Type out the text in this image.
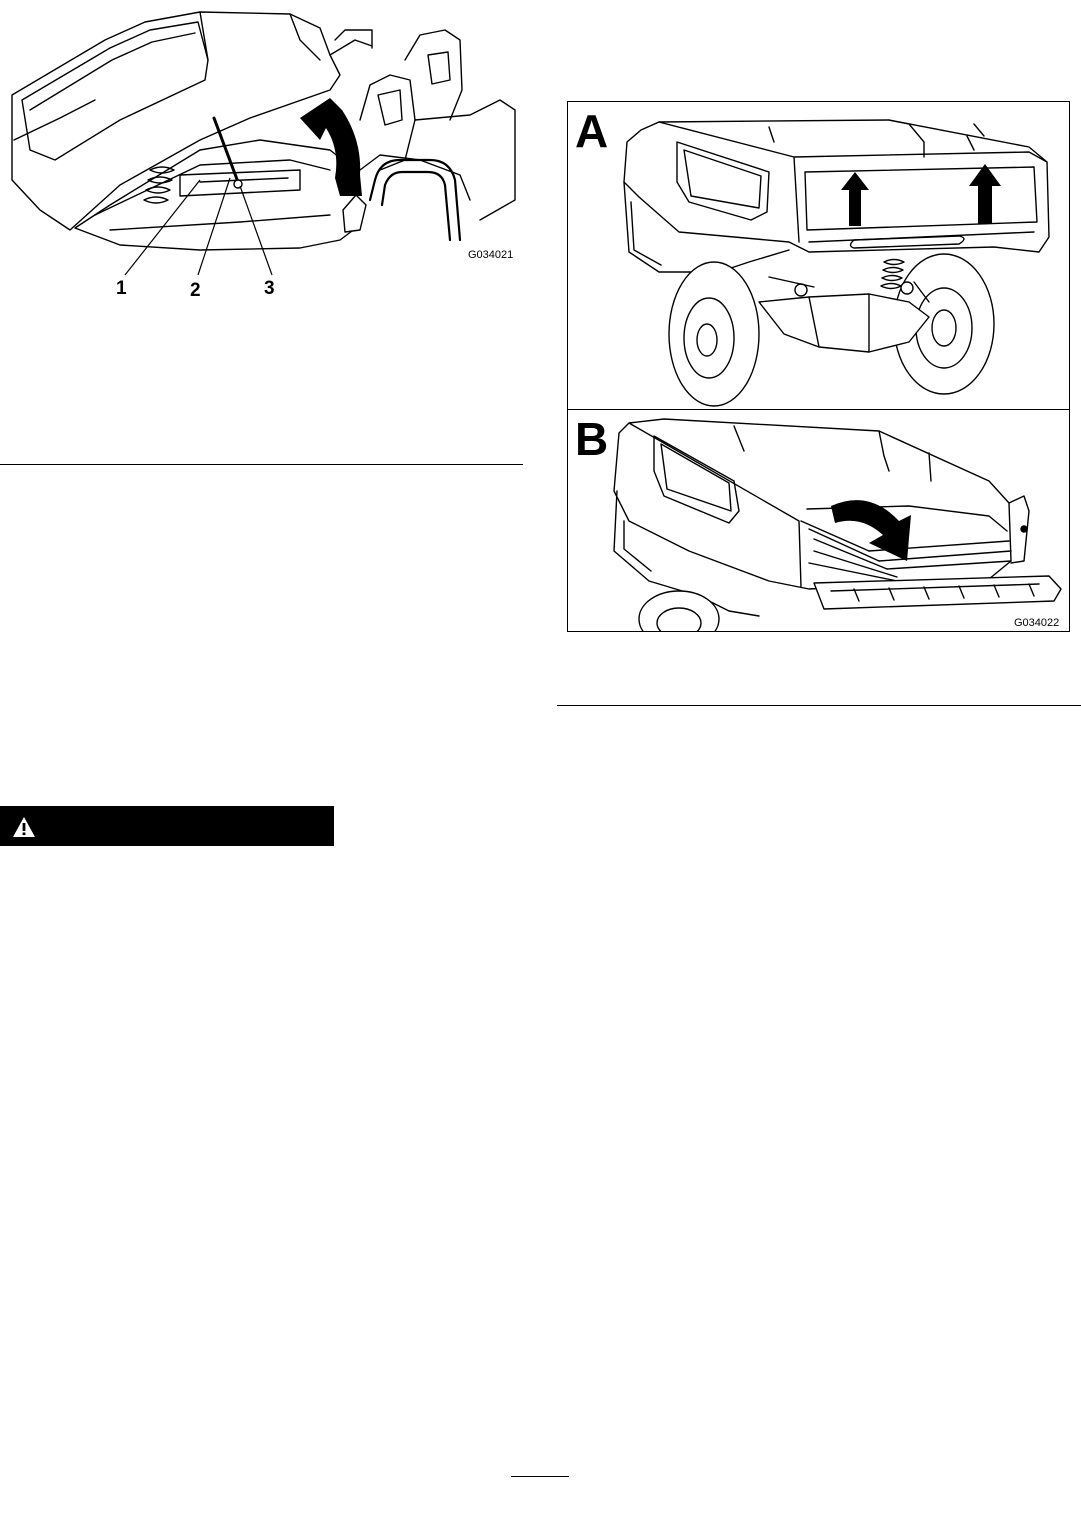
G034021
1	2	3
A
B
G034022
